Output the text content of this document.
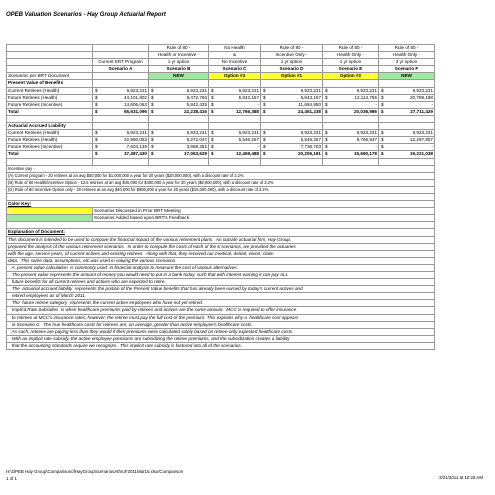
OPEB Valuation Scenarios - Hay Group Actuarial Report
		Rule of 80 -	No Health	Rule of 80 -	Rule of 80 -	Rule of 80 -
		Health or Incentive -	&	Incentive Only -	Health Only -	Health Only -
	Current ERT Program	1 yr option	No Incentive	1 yr option	1 yr option	3 yr option
	Scenario A	Scenario B	Scenario C	Scenario D	Scenario E	Scenario F
Scenarios per BRT Document		NEW	Option #3	Option #1	Option #2	NEW
Present Value of Benefits						
Current Retirees (Health)	$ 6,923,231	$ 6,923,231	$ 6,923,231	$ 6,923,231	$ 6,923,231	$ 6,923,231

Future Retirees (Health)	$ 44,101,802	$ 9,472,760	$ 5,843,157	$ 5,843,157	$ 13,113,755	$ 20,788,198

Future Retirees (Incentive)	$ 14,606,063	$ 5,842,425	$ -	$ 11,684,850	$ -	$ -

Total	$ 65,631,096	$ 22,238,416	$ 12,766,388	$ 24,451,238	$ 20,036,986	$ 27,711,429

Actuarial Accrued Liability						
Current Retirees (Health)	$ 6,923,231	$ 6,923,231	$ 6,923,231	$ 6,923,231	$ 6,923,231	$ 6,923,231

Future Retirees (Health)	$ 22,960,063	$ 6,272,047	$ 5,546,257	$ 5,546,257	$ 8,766,947	$ 12,297,807

Future Retirees (Incentive)	$ 7,604,136	$ 3,868,351	$ -	$ 7,736,703	$ -	$ -

Total	$ 37,487,430	$ 17,063,629	$ 12,469,488	$ 20,206,191	$ 15,690,178	$ 19,221,038

Incentive pay -						
(A) Current program - 20 retirees at an avg $50,000 for $1,000,000 a year for 20 years ($20,000,000), with a discount rate of 3.2%						
(B) Rule of 80 Health/Incentive Option - 12.5 retirees at an avg $40,000 for $400,000 a year for 20 years ($8,000,000), with a discount rate of 3.2%						
(D) Rule of 80 Incentive Option only - 20 retirees at an avg $40,000 for $800,000 a year for 20 years ($16,000,000), with a discount rate of 3.2%						

Color Key:						
	Scenarios Discussed in Prior BRT Meeting					
	Scenarios Added based upon BRT's Feedback.					

Explanation of Document:						
This document is intended to be used to compare the financial impact of the various retirement plans.  An outside actuarial firm, Hay Group,						
prepared the analysis of the various retirement scenarios.  In order to compute the costs of each of the 6 scenarios, we provided the actuaries						
with the age, service years, of current actives and existing retirees.  Along with that, they received our medical, dental, vision, claim						
data.  This same data, assumptions, etc was used in valuing the various scenarios.						
A  present value calculation  is commonly used  in financial analysis to measure the cost of various alternatives.						
The present value represents the amount of money you would need to put in a bank today, such that with interest earning it can pay ALL						
future benefits for all current retirees and actives who are expected to retire.						
The  actuarial accrued liability  represents the portion of the Present Value benefits that has already been earned by today's current actives and						
retired employees as of March 2011.						
The  future retiree category  represents the current active employees who have not yet retired.						
Implicit Rate Subsidies  is when healthcare premiums paid by retirees and actives are the same amount.  MCC is required to offer insurance						
to retirees at MCC's insurance rates; however, the retiree must pay the full cost of the premium. This explains why a  healthcare cost appears						
in Scenario C.  The true healthcare costs for retirees are, on average, greater than active employee's healthcare costs.						
As such, retirees are paying less than they would if their premiums were calculated solely based on retiree-only expected healthcare costs.						
With an implicit rate subsidy, the active employee premiums are subsidizing the retiree premiums, and the subsidization creates a liability						
that the accounting standards require we recognize.  This implicit rate subsidy is factored into all of the scenarios.						
H:\OPEB Hay Group\ComparisonofHayGroupScenariosAthruF2011Mar15.xlsx/Comparison
1 of 1	3/21/2011 at 10:28 AM
